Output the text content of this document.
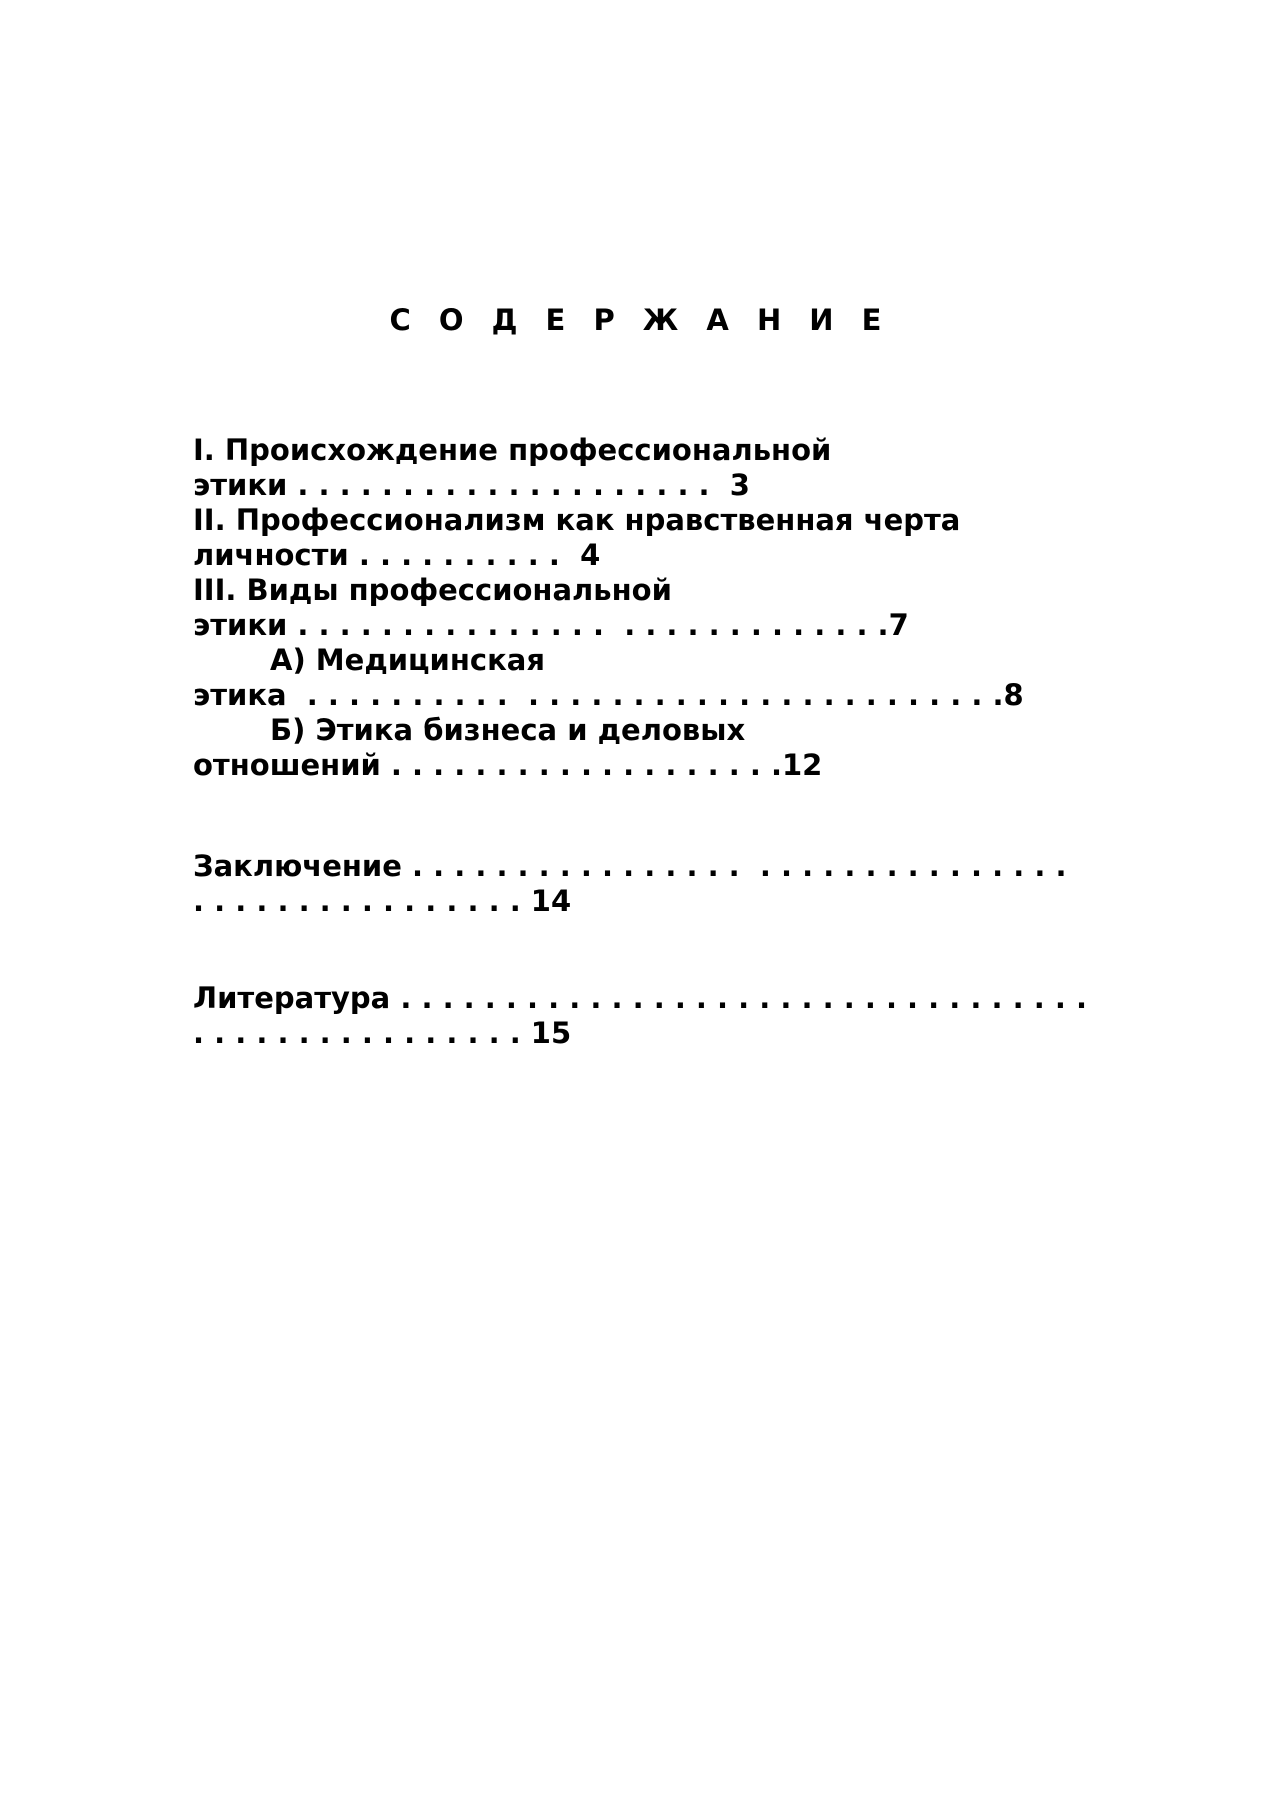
С О Д Е Р Ж А Н И Е
I. Происхождение профессиональной
этики . . . . . . . . . . . . . . . . . . . .  3
II. Профессионализм как нравственная черта
личности . . . . . . . . . .  4
III. Виды профессиональной
этики . . . . . . . . . . . . . . .  . . . . . . . . . . . . .7
А) Медицинская
этика  . . . . . . . . . .  . . . . . . . . . . . . . . . . . . . . . . .8
Б) Этика бизнеса и деловых
отношений . . . . . . . . . . . . . . . . . . .12
Заключение . . . . . . . . . . . . . . . .  . . . . . . . . . . . . . . .
. . . . . . . . . . . . . . . . 14
Литература . . . . . . . . . . . . . . . . . . . . . . . . . . . . . . . . .
. . . . . . . . . . . . . . . . 15
